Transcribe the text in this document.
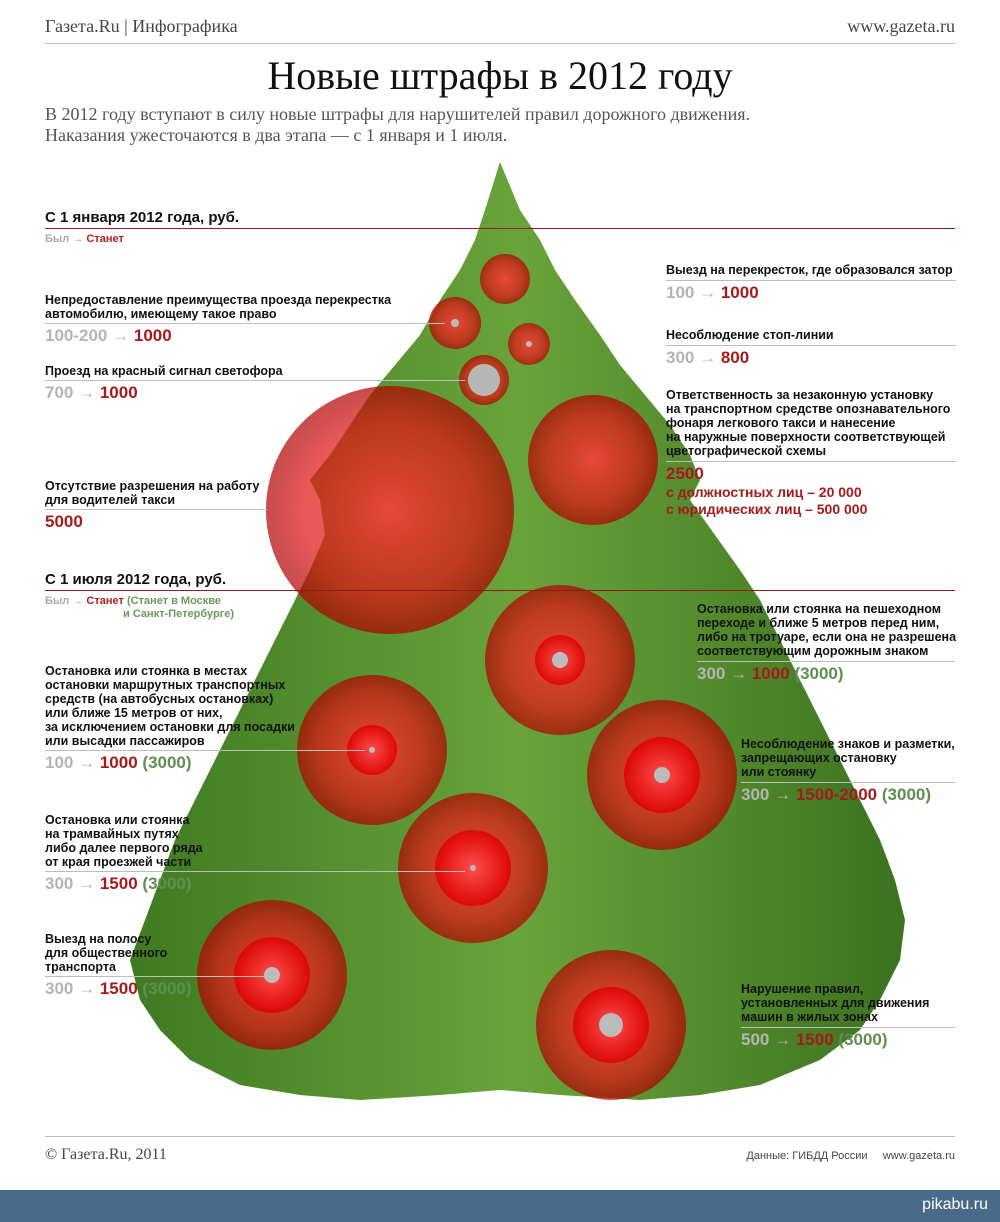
Газета.Ru | Инфографика	www.gazeta.ru
Новые штрафы в 2012 году
В 2012 году вступают в силу новые штрафы для нарушителей правил дорожного движения.
Наказания ужесточаются в два этапа — с 1 января и 1 июля.
С 1 января 2012 года, руб.
Был → Станет
Выезд на перекресток, где образовался затор
100 → 1000
Непредоставление преимущества проезда перекрестка
автомобилю, имеющему такое право
100-200 → 1000	Несоблюдение стоп-линии
300 → 800
Проезд на красный сигнал светофора
700 → 1000	Ответственность за незаконную установку
на транспортном средстве опознавательного
фонаря легкового такси и нанесение
на наружные поверхности соответствующей
цветографической схемы
2500
с должностных лиц – 20 000
с юридических лиц – 500 000
Отсутствие разрешения на работу
для водителей такси
5000
С 1 июля 2012 года, руб.
Был → Станет (Станет в Москве
и Санкт-Петербурге)	Остановка или стоянка на пешеходном
переходе и ближе 5 метров перед ним,
либо на тротуаре, если она не разрешена
соответствующим дорожным знаком
300 → 1000 (3000)
Остановка или стоянка в местах
остановки маршрутных транспортных
средств (на автобусных остановках)
или ближе 15 метров от них,
за исключением остановки для посадки
или высадки пассажиров
100 → 1000 (3000)
Несоблюдение знаков и разметки,
запрещающих остановку
или стоянку
300 → 1500-2000 (3000)
Остановка или стоянка
на трамвайных путях
либо далее первого ряда
от края проезжей части
300 → 1500 (3000)
Выезд на полосу
для общественного
транспорта
300 → 1500 (3000)	Нарушение правил,
установленных для движения
машин в жилых зонах
500 → 1500 (3000)
© Газета.Ru, 2011	Данные: ГИБДД России www.gazeta.ru
pikabu.ru
